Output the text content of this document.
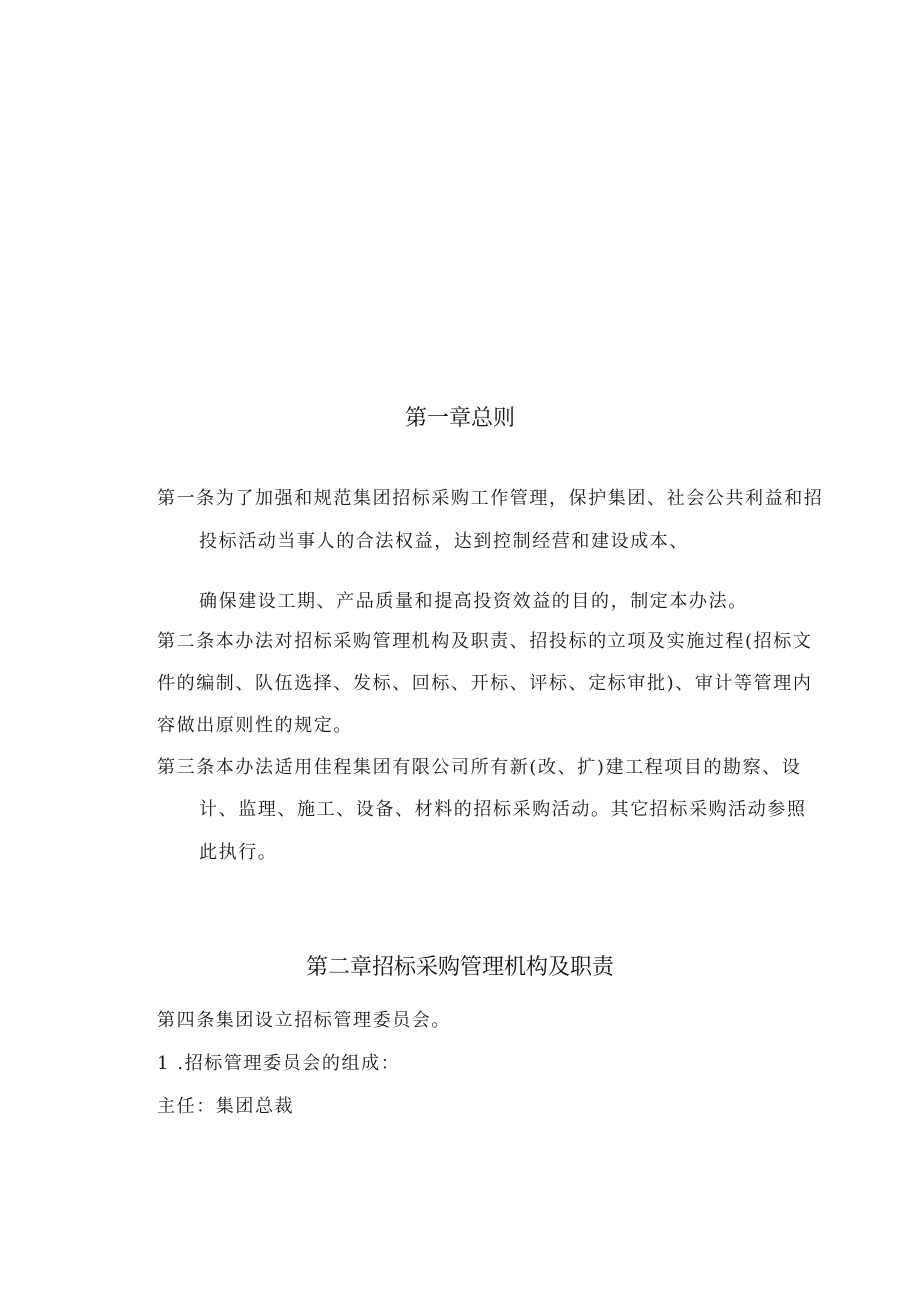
第一章总则
第一条为了加强和规范集团招标采购工作管理，保护集团、社会公共利益和招
投标活动当事人的合法权益，达到控制经营和建设成本、
确保建设工期、产品质量和提高投资效益的目的，制定本办法。
第二条本办法对招标采购管理机构及职责、招投标的立项及实施过程(招标文
件的编制、队伍选择、发标、回标、开标、评标、定标审批)、审计等管理内
容做出原则性的规定。
第三条本办法适用佳程集团有限公司所有新(改、扩)建工程项目的勘察、设
计、监理、施工、设备、材料的招标采购活动。其它招标采购活动参照
此执行。
第二章招标采购管理机构及职责
第四条集团设立招标管理委员会。
1 .招标管理委员会的组成：
主任：集团总裁
